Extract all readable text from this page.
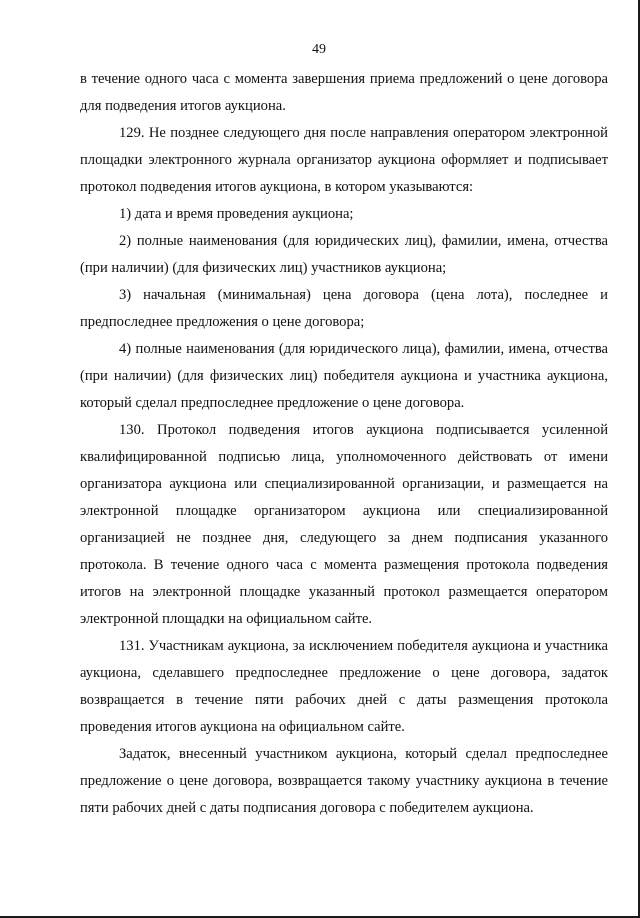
49

в течение одного часа с момента завершения приема предложений о цене договора для подведения итогов аукциона.

129. Не позднее следующего дня после направления оператором электронной площадки электронного журнала организатор аукциона оформляет и подписывает протокол подведения итогов аукциона, в котором указываются:

1) дата и время проведения аукциона;

2) полные наименования (для юридических лиц), фамилии, имена, отчества (при наличии) (для физических лиц) участников аукциона;

3) начальная (минимальная) цена договора (цена лота), последнее и предпоследнее предложения о цене договора;

4) полные наименования (для юридического лица), фамилии, имена, отчества (при наличии) (для физических лиц) победителя аукциона и участника аукциона, который сделал предпоследнее предложение о цене договора.

130. Протокол подведения итогов аукциона подписывается усиленной квалифицированной подписью лица, уполномоченного действовать от имени организатора аукциона или специализированной организации, и размещается на электронной площадке организатором аукциона или специализированной организацией не позднее дня, следующего за днем подписания указанного протокола. В течение одного часа с момента размещения протокола подведения итогов на электронной площадке указанный протокол размещается оператором электронной площадки на официальном сайте.

131. Участникам аукциона, за исключением победителя аукциона и участника аукциона, сделавшего предпоследнее предложение о цене договора, задаток возвращается в течение пяти рабочих дней с даты размещения протокола проведения итогов аукциона на официальном сайте.

Задаток, внесенный участником аукциона, который сделал предпоследнее предложение о цене договора, возвращается такому участнику аукциона в течение пяти рабочих дней с даты подписания договора с победителем аукциона.
